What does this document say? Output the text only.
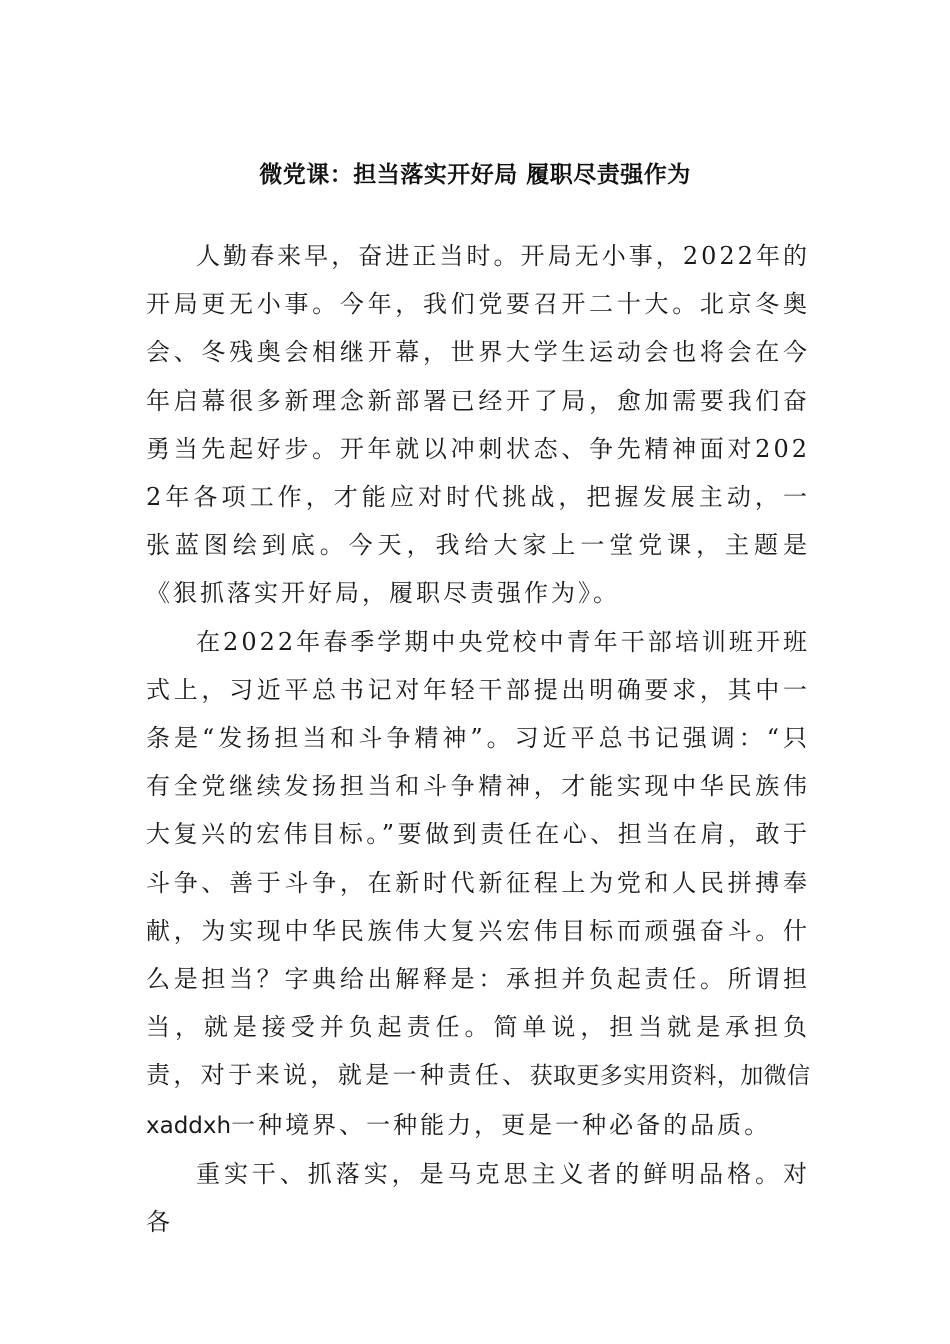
微党课：担当落实开好局 履职尽责强作为

人勤春来早，奋进正当时。开局无小事，2022年的开局更无小事。今年，我们党要召开二十大。北京冬奥会、冬残奥会相继开幕，世界大学生运动会也将会在今年启幕很多新理念新部署已经开了局，愈加需要我们奋勇当先起好步。开年就以冲刺状态、争先精神面对2022年各项工作，才能应对时代挑战，把握发展主动，一张蓝图绘到底。今天，我给大家上一堂党课，主题是《狠抓落实开好局，履职尽责强作为》。

在2022年春季学期中央党校中青年干部培训班开班式上，习近平总书记对年轻干部提出明确要求，其中一条是“发扬担当和斗争精神”。习近平总书记强调：“只有全党继续发扬担当和斗争精神，才能实现中华民族伟大复兴的宏伟目标。”要做到责任在心、担当在肩，敢于斗争、善于斗争，在新时代新征程上为党和人民拼搏奉献，为实现中华民族伟大复兴宏伟目标而顽强奋斗。什么是担当？字典给出解释是：承担并负起责任。所谓担当，就是接受并负起责任。简单说，担当就是承担负责，对于来说，就是一种责任、获取更多实用资料，加微信 xaddxh一种境界、一种能力，更是一种必备的品质。

重实干、抓落实，是马克思主义者的鲜明品格。对各
